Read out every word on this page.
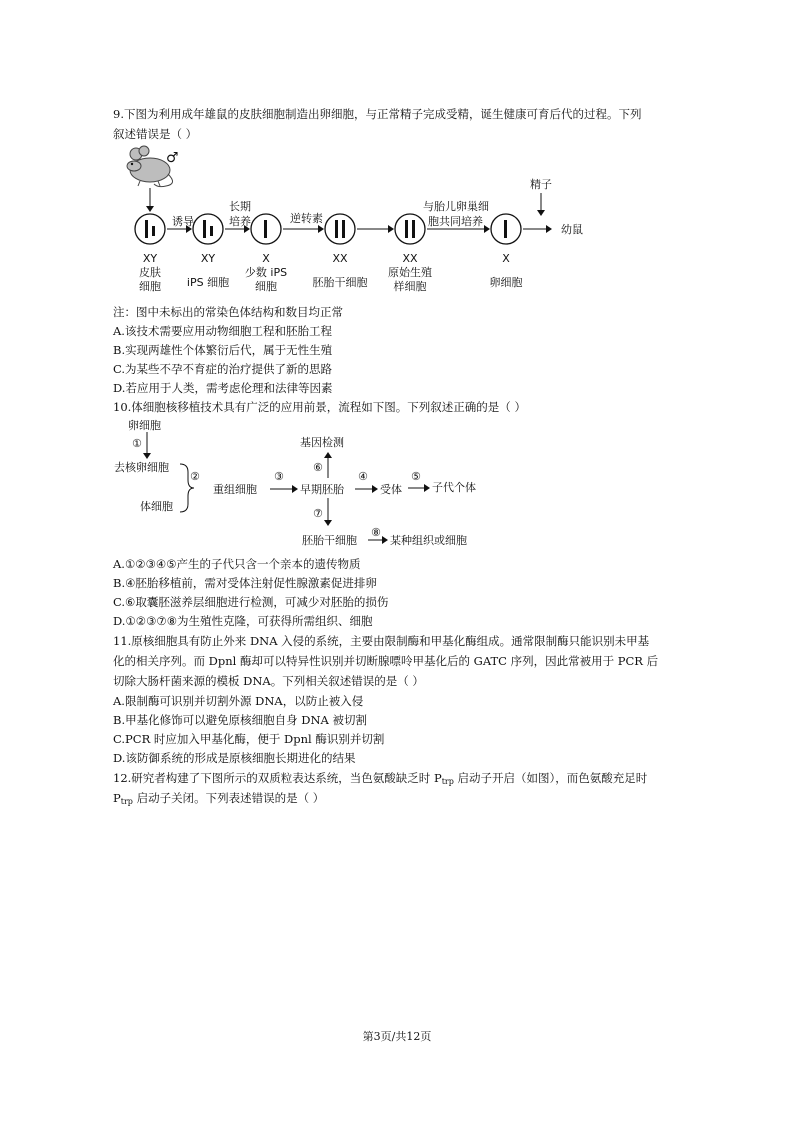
9.下图为利用成年雄鼠的皮肤细胞制造出卵细胞，与正常精子完成受精，诞生健康可育后代的过程。下列
叙述错误是（ ）
♂
精子
诱导
长期
培养	逆转素
与胎儿卵巢细
胞共同培养
幼鼠
XY
皮肤
细胞
XY
iPS 细胞
X
少数 iPS
细胞
XX
胚胎干细胞
XX
原始生殖
样细胞
X
卵细胞
注：图中未标出的常染色体结构和数目均正常
A.该技术需要应用动物细胞工程和胚胎工程
B.实现两雄性个体繁衍后代，属于无性生殖
C.为某些不孕不育症的治疗提供了新的思路
D.若应用于人类，需考虑伦理和法律等因素
10.体细胞核移植技术具有广泛的应用前景，流程如下图。下列叙述正确的是（ ）
卵细胞
①
去核卵细胞
体细胞
②
重组细胞
③
早期胚胎
④
受体
⑤
子代个体
基因检测
⑥
⑦
胚胎干细胞
⑧
某种组织或细胞
A.①②③④⑤产生的子代只含一个亲本的遗传物质
B.④胚胎移植前，需对受体注射促性腺激素促进排卵
C.⑥取囊胚滋养层细胞进行检测，可减少对胚胎的损伤
D.①②③⑦⑧为生殖性克隆，可获得所需组织、细胞
11.原核细胞具有防止外来 DNA 入侵的系统，主要由限制酶和甲基化酶组成。通常限制酶只能识别未甲基
化的相关序列。而 Dpnl 酶却可以特异性识别并切断腺嘌呤甲基化后的 GATC 序列，因此常被用于 PCR 后
切除大肠杆菌来源的模板 DNA。下列相关叙述错误的是（ ）
A.限制酶可识别并切割外源 DNA，以防止被入侵
B.甲基化修饰可以避免原核细胞自身 DNA 被切割
C.PCR 时应加入甲基化酶，便于 Dpnl 酶识别并切割
D.该防御系统的形成是原核细胞长期进化的结果
12.研究者构建了下图所示的双质粒表达系统，当色氨酸缺乏时 $P_{trp}$ 启动子开启（如图），而色氨酸充足时
$P_{trp}$ 启动子关闭。下列表述错误的是（ ）
第3页/共12页
